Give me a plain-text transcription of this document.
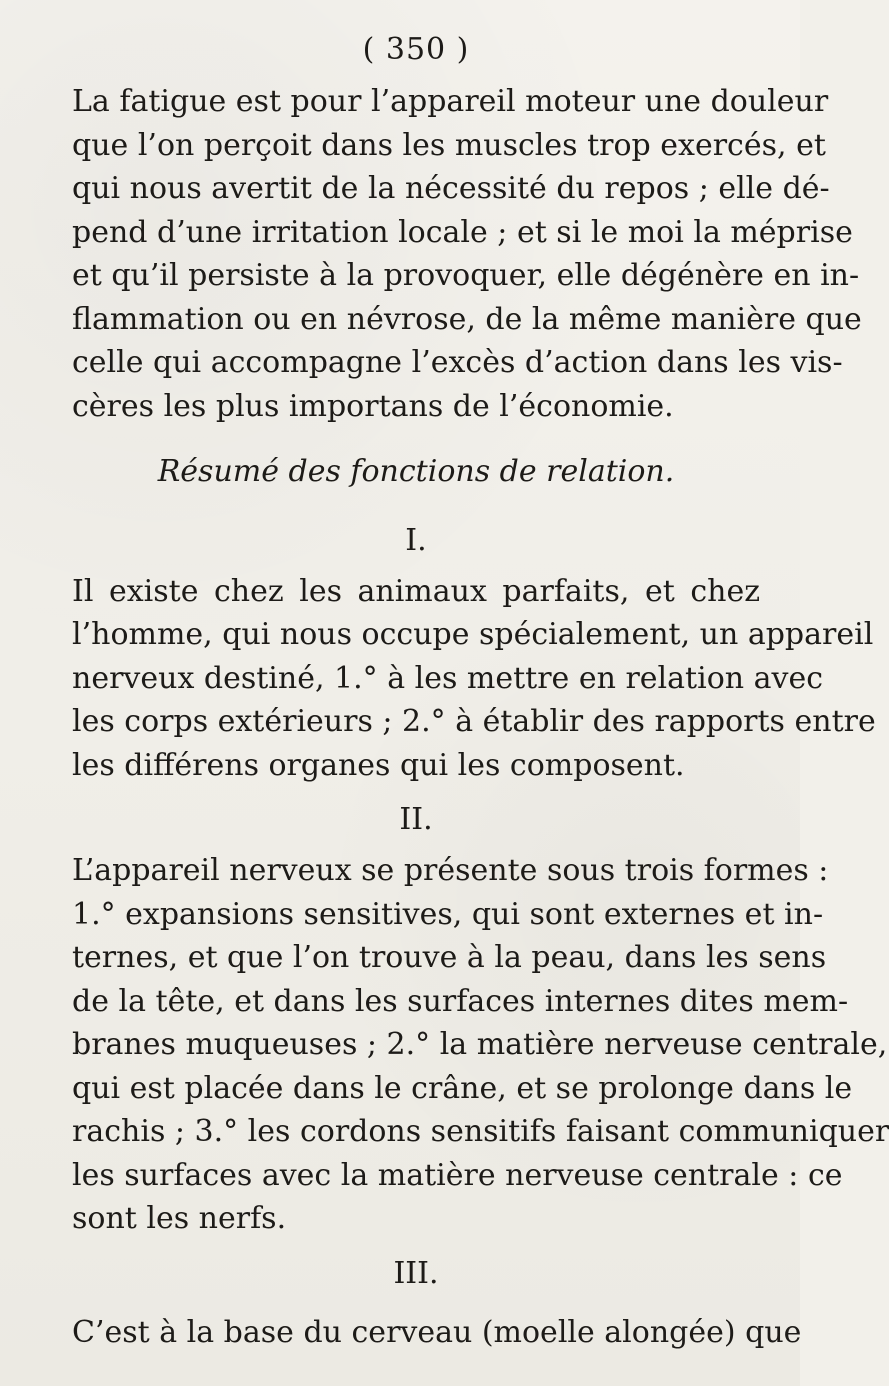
( 350 )
La fatigue est pour l’appareil moteur une douleur
que l’on perçoit dans les muscles trop exercés, et
qui nous avertit de la nécessité du repos ; elle dé-
pend d’une irritation locale ; et si le moi la méprise
et qu’il persiste à la provoquer, elle dégénère en in-
flammation ou en névrose, de la même manière que
celle qui accompagne l’excès d’action dans les vis-
cères les plus importans de l’économie.
Résumé des fonctions de relation.
I.
Il existe chez les animaux parfaits, et chez
l’homme, qui nous occupe spécialement, un appareil
nerveux destiné, 1.° à les mettre en relation avec
les corps extérieurs ; 2.° à établir des rapports entre
les différens organes qui les composent.
II.
L’appareil nerveux se présente sous trois formes :
1.° expansions sensitives, qui sont externes et in-
ternes, et que l’on trouve à la peau, dans les sens
de la tête, et dans les surfaces internes dites mem-
branes muqueuses ; 2.° la matière nerveuse centrale,
qui est placée dans le crâne, et se prolonge dans le
rachis ; 3.° les cordons sensitifs faisant communiquer
les surfaces avec la matière nerveuse centrale : ce
sont les nerfs.
III.
C’est à la base du cerveau (moelle alongée) que
